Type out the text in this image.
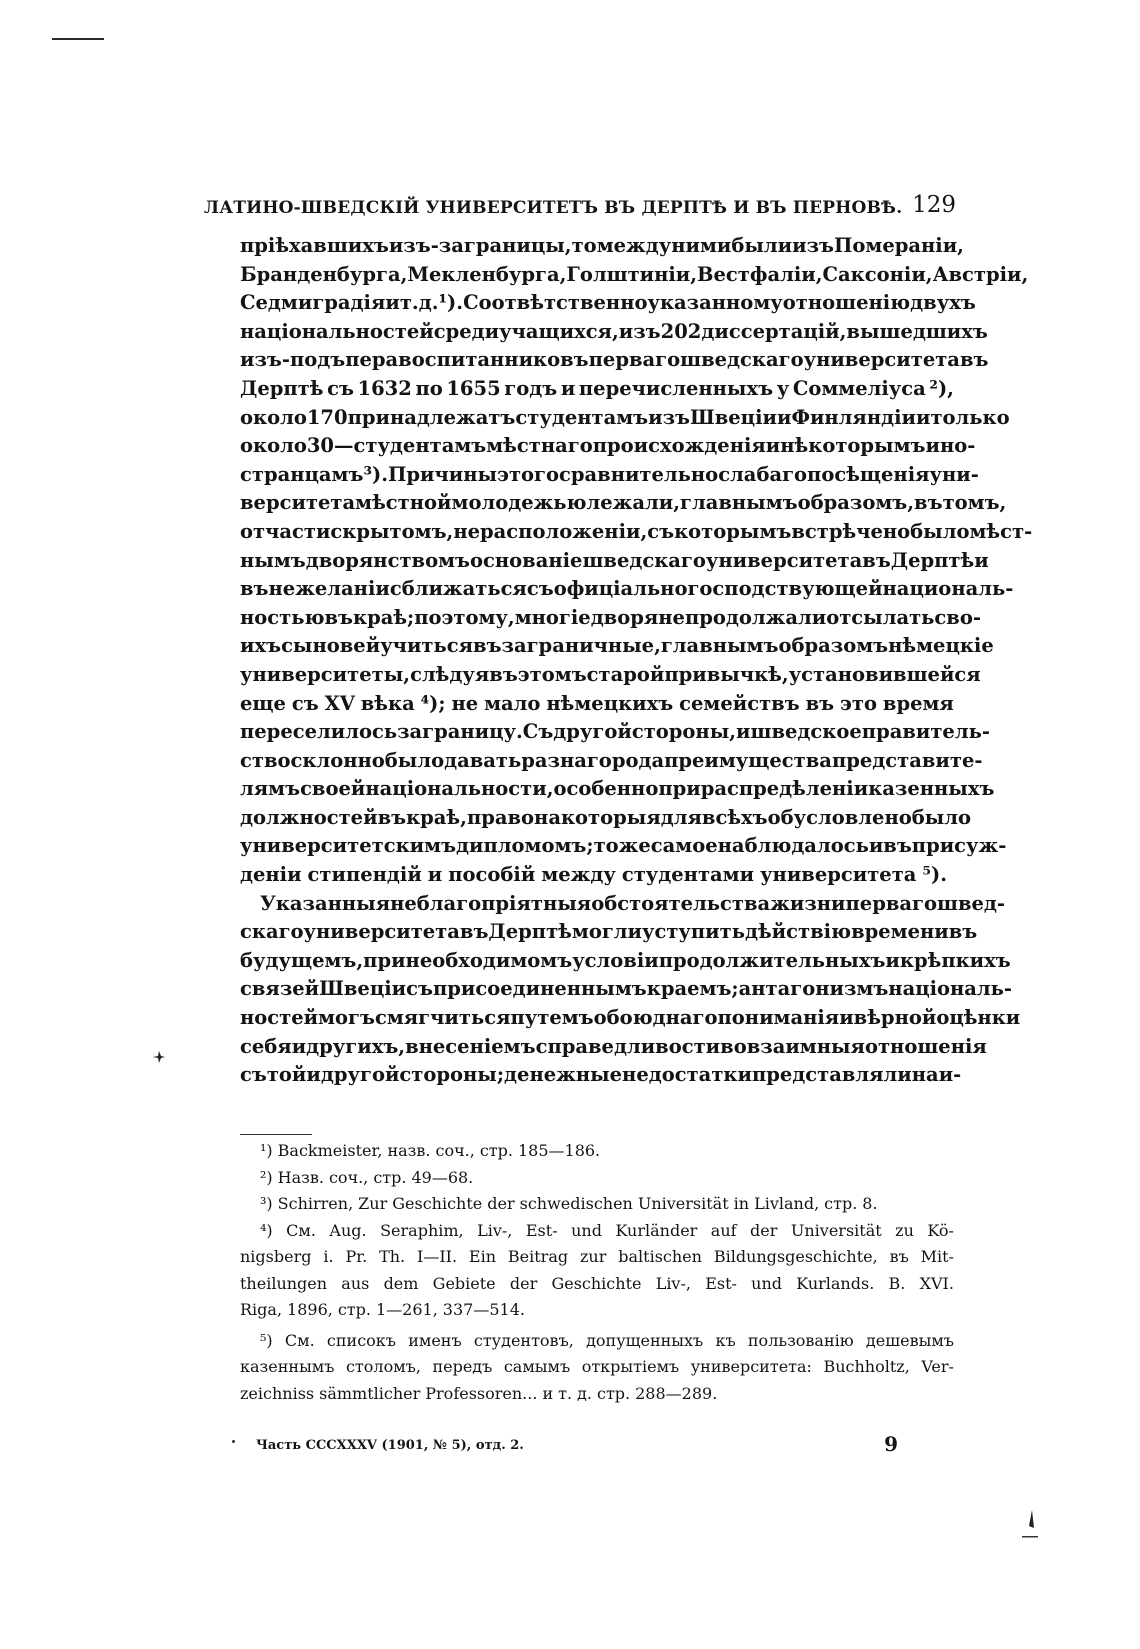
ЛАТИНО-ШВЕДСКІЙ УНИВЕРСИТЕТЪ ВЪ ДЕРПТѢ И ВЪ ПЕРНОВѢ. 129
пріѣхавшихъ изъ-за границы, то между ними были изъ Помераніи,
Бранденбурга, Мекленбурга, Голштиніи, Вестфаліи, Саксоніи, Австріи,
Седмиградія и т. д. ¹). Соотвѣтственно указанному отношенію двухъ
національностей среди учащихся, изъ 202 диссертацій, вышедшихъ
изъ-подъ пера воспитанниковъ перваго шведскаго университета въ
Дерптѣ съ 1632 по 1655 годъ и перечисленныхъ у Соммеліуса ²),
около 170 принадлежатъ студентамъ изъ Швеціи и Финляндіи и только
около 30—студентамъ мѣстнаго происхожденія и нѣкоторымъ ино-
странцамъ ³). Причины этого сравнительно слабаго посѣщенія уни-
верситета мѣстной молодежью лежали, главнымъ образомъ, въ томъ,
отчасти скрытомъ, нерасположеніи, съ которымъ встрѣчено было мѣст-
нымъ дворянствомъ основаніе шведскаго университета въ Дерптѣ и
въ нежеланіи сближаться съ офиціально господствующей националь-
ностью въ краѣ; поэтому, многіе дворяне продолжали отсылать сво-
ихъ сыновей учиться въ заграничные, главнымъ образомъ нѣмецкіе
университеты, слѣдуя въ этомъ старой привычкѣ, установившейся
еще съ XV вѣка ⁴); не мало нѣмецкихъ семействъ въ это время
переселилось заграницу. Съ другой стороны, и шведское правитель-
ство склонно было давать разнаго рода преимущества представите-
лямъ своей національности, особенно при распредѣленіи казенныхъ
должностей въ краѣ, право на которыя для всѣхъ обусловлено было
университетскимъ дипломомъ; то же самое наблюдалось и въ присуж-
деніи стипендій и пособій между студентами университета ⁵).
Указанныя неблагопріятныя обстоятельства жизни перваго швед-
скаго университета въ Дерптѣ могли уступить дѣйствію времени въ
будущемъ, при необходимомъ условіи продолжительныхъ и крѣпкихъ
связей Швеціи съ присоединеннымъ краемъ; антагонизмъ національ-
ностей могъ смягчиться путемъ обоюднаго пониманія и вѣрной оцѣнки
себя и другихъ, внесеніемъ справедливости во взаимныя отношенія
съ той и другой стороны; денежные недостатки представляли наи-
¹) Backmeister, назв. соч., стр. 185—186.
²) Назв. соч., стр. 49—68.
³) Schirren, Zur Geschichte der schwedischen Universität in Livland, стр. 8.
⁴) См. Aug. Seraphim, Liv-, Est- und Kurländer auf der Universität zu Kö-
nigsberg i. Pr. Th. I—II. Ein Beitrag zur baltischen Bildungsgeschichte, въ Mit-
theilungen aus dem Gebiete der Geschichte Liv-, Est- und Kurlands. B. XVI.
Riga, 1896, стр. 1—261, 337—514.
⁵) См. списокъ именъ студентовъ, допущенныхъ къ пользованію дешевымъ
казеннымъ столомъ, передъ самымъ открытіемъ университета: Buchholtz, Ver-
zeichniss sämmtlicher Professoren... и т. д. стр. 288—289.
Часть CCCXXXV (1901, № 5), отд. 2.	9
